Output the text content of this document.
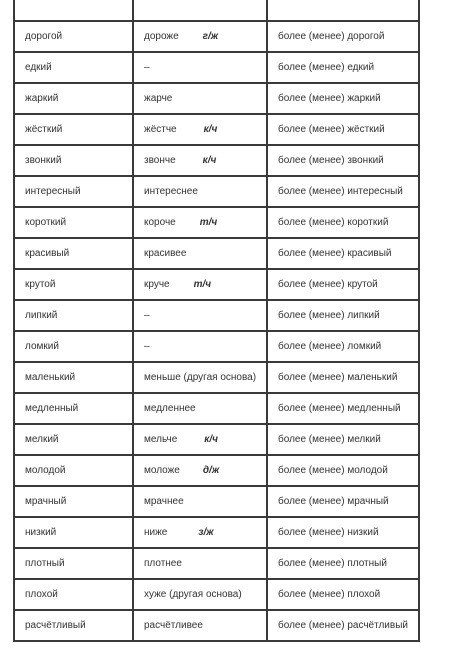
дорогой	дороже г/ж	более (менее) дорогой
едкий	–	более (менее) едкий
жаркий	жарче	более (менее) жаркий
жёсткий	жёстче к/ч	более (менее) жёсткий
звонкий	звонче к/ч	более (менее) звонкий
интересный	интереснее	более (менее) интересный
короткий	короче т/ч	более (менее) короткий
красивый	красивее	более (менее) красивый
крутой	круче т/ч	более (менее) крутой
липкий	–	более (менее) липкий
ломкий	–	более (менее) ломкий
маленький	меньше (другая основа)	более (менее) маленький
медленный	медленнее	более (менее) медленный
мелкий	мельче к/ч	более (менее) мелкий
молодой	моложе д/ж	более (менее) молодой
мрачный	мрачнее	более (менее) мрачный
низкий	ниже з/ж	более (менее) низкий
плотный	плотнее	более (менее) плотный
плохой	хуже (другая основа)	более (менее) плохой
расчётливый	расчётливее	более (менее) расчётливый
